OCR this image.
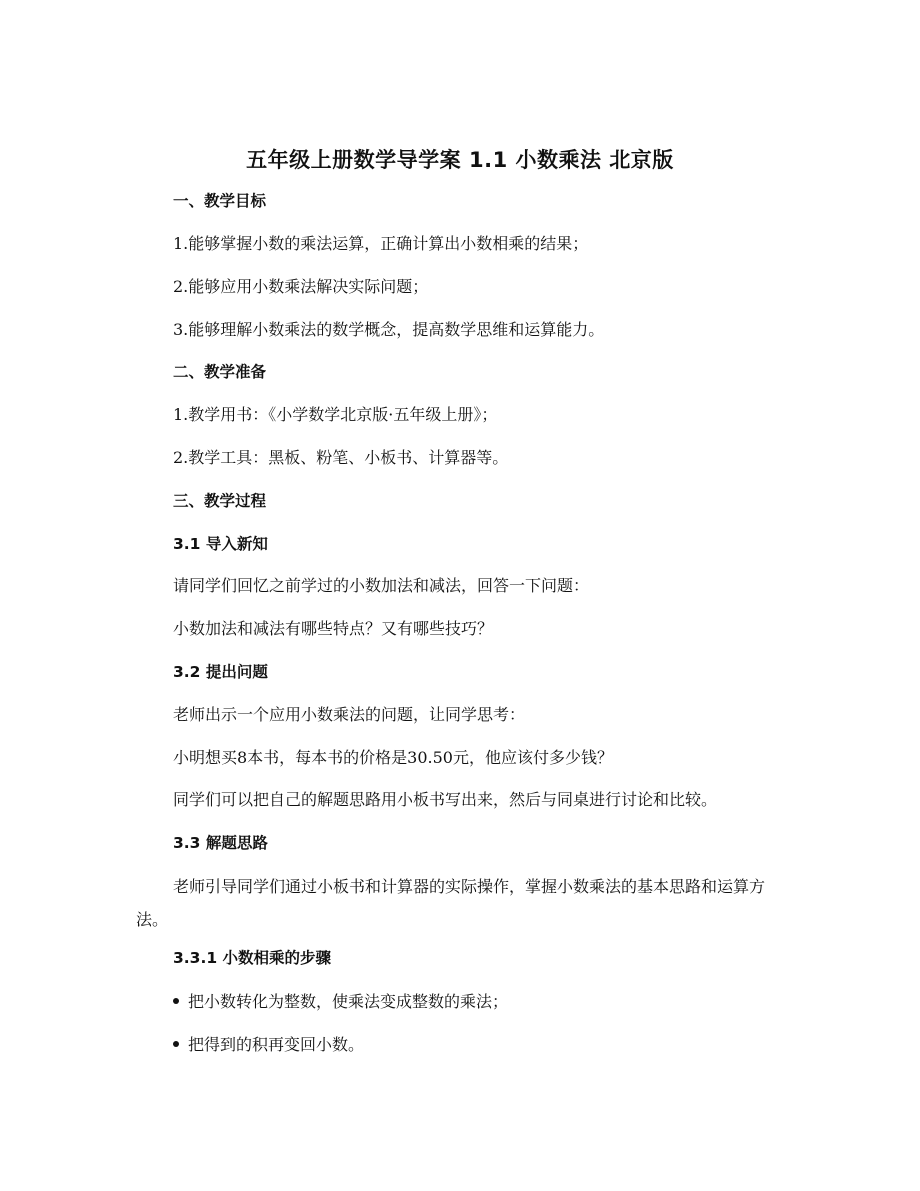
五年级上册数学导学案 1.1 小数乘法 北京版
一、教学目标
1.能够掌握小数的乘法运算，正确计算出小数相乘的结果；
2.能够应用小数乘法解决实际问题；
3.能够理解小数乘法的数学概念，提高数学思维和运算能力。
二、教学准备
1.教学用书：《小学数学北京版·五年级上册》；
2.教学工具：黑板、粉笔、小板书、计算器等。
三、教学过程
3.1 导入新知
请同学们回忆之前学过的小数加法和减法，回答一下问题：
小数加法和减法有哪些特点？又有哪些技巧？
3.2 提出问题
老师出示一个应用小数乘法的问题，让同学思考：
小明想买8本书，每本书的价格是30.50元，他应该付多少钱？
同学们可以把自己的解题思路用小板书写出来，然后与同桌进行讨论和比较。
3.3 解题思路
老师引导同学们通过小板书和计算器的实际操作，掌握小数乘法的基本思路和运算方法。
3.3.1 小数相乘的步骤
把小数转化为整数，使乘法变成整数的乘法；
把得到的积再变回小数。
